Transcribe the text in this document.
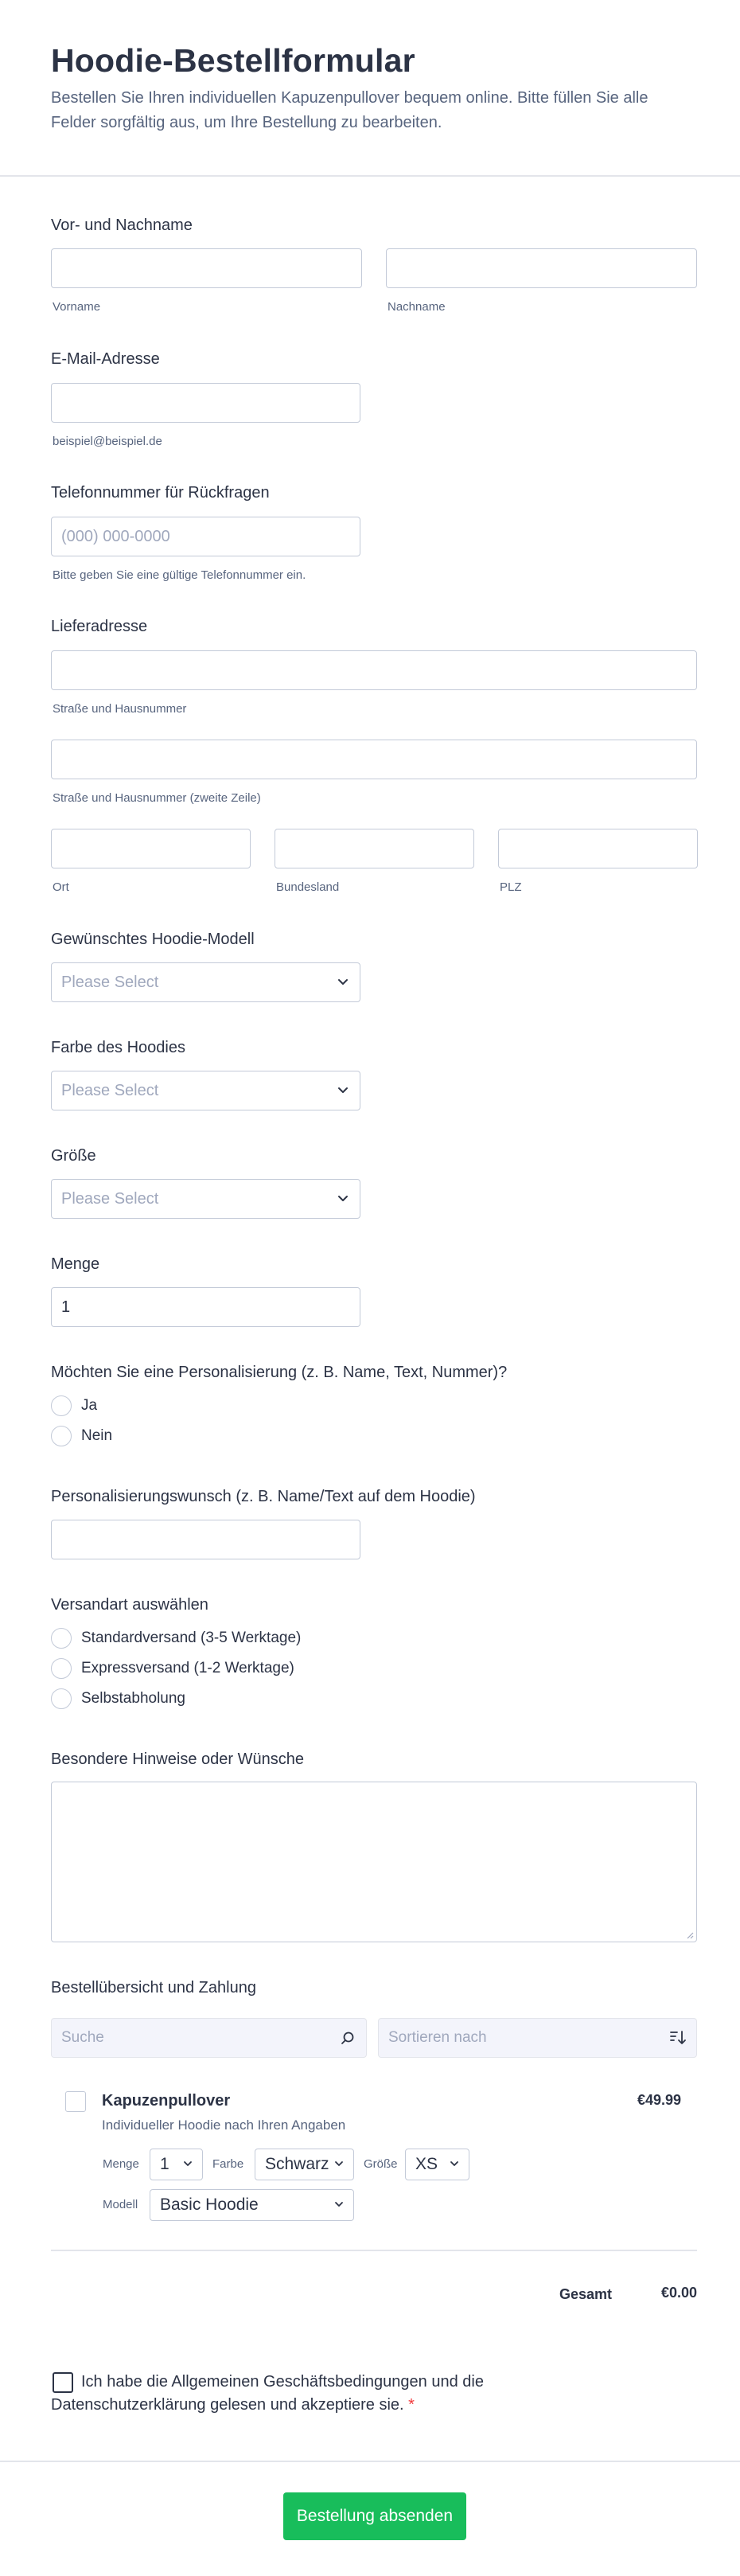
Hoodie-Bestellformular

Bestellen Sie Ihren individuellen Kapuzenpullover bequem online. Bitte füllen Sie alle Felder sorgfältig aus, um Ihre Bestellung zu bearbeiten.

Vor- und Nachname
Vorname	Nachname
E-Mail-Adresse
beispiel@beispiel.de
Telefonnummer für Rückfragen
(000) 000-0000
Bitte geben Sie eine gültige Telefonnummer ein.
Lieferadresse
Straße und Hausnummer
Straße und Hausnummer (zweite Zeile)
Ort	Bundesland	PLZ
Gewünschtes Hoodie-Modell
Please Select
Farbe des Hoodies
Please Select
Größe
Please Select
Menge
1
Möchten Sie eine Personalisierung (z. B. Name, Text, Nummer)?
Ja
Nein
Personalisierungswunsch (z. B. Name/Text auf dem Hoodie)
Versandart auswählen
Standardversand (3-5 Werktage)
Expressversand (1-2 Werktage)
Selbstabholung
Besondere Hinweise oder Wünsche
Bestellübersicht und Zahlung
Suche	Sortieren nach
Kapuzenpullover	€49.99
Individueller Hoodie nach Ihren Angaben
Menge 1	Farbe Schwarz	Größe XS
Modell Basic Hoodie
Gesamt	€0.00
Ich habe die Allgemeinen Geschäftsbedingungen und die Datenschutzerklärung gelesen und akzeptiere sie. *
Bestellung absenden
